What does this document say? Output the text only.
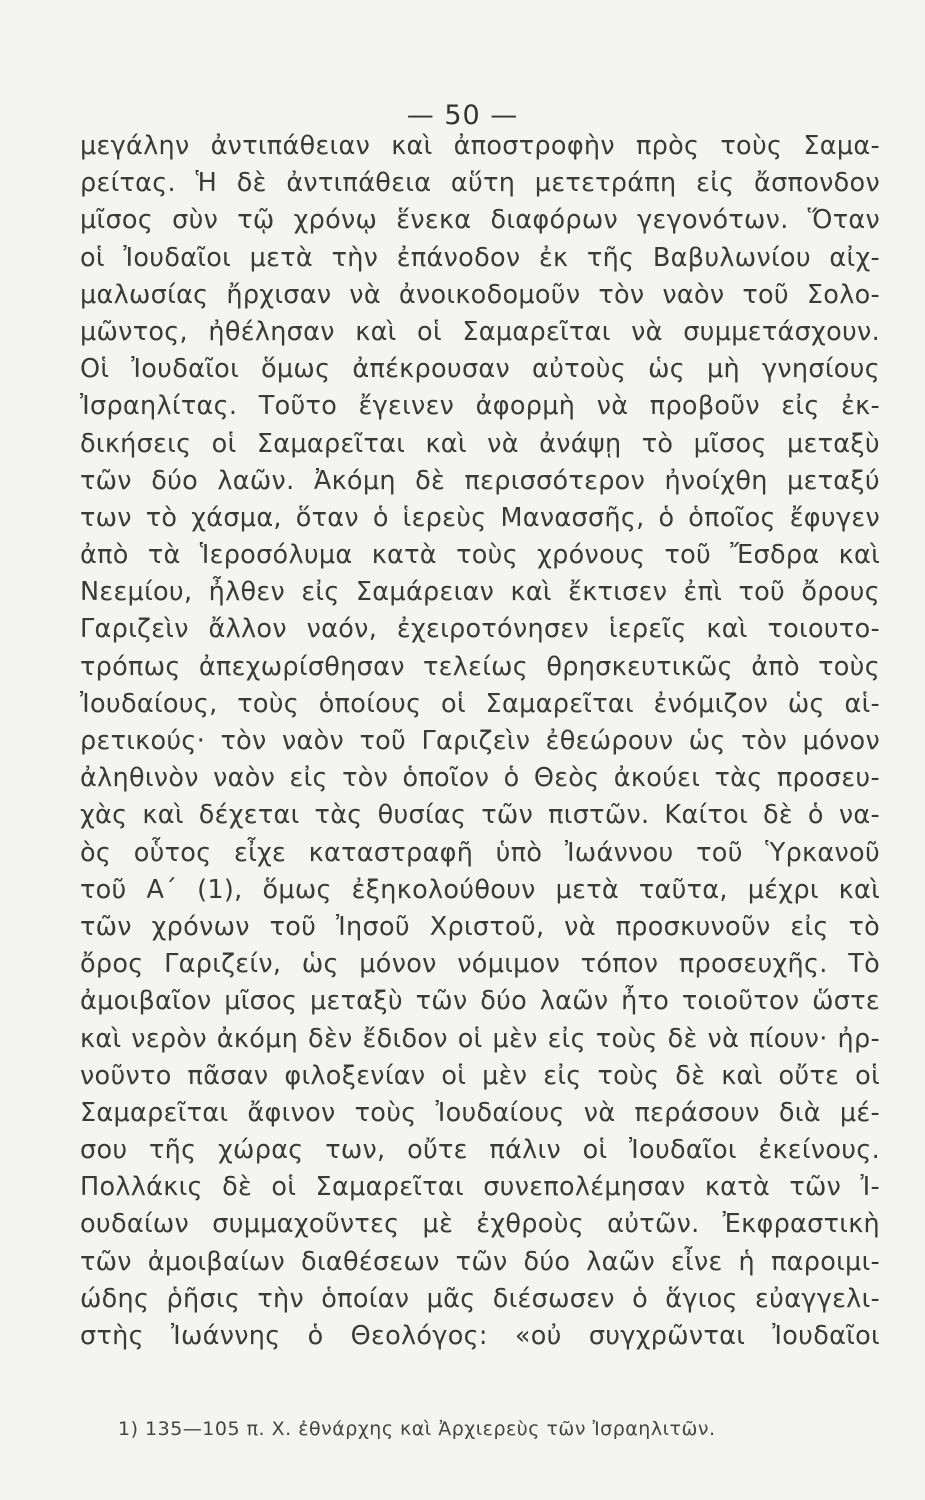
— 50 —
μεγάλην ἀντιπάθειαν καὶ ἀποστροφὴν πρὸς τοὺς Σαμα-
ρείτας. Ἡ δὲ ἀντιπάθεια αὕτη μετετράπη εἰς ἄσπονδον
μῖσος σὺν τῷ χρόνῳ ἕνεκα διαφόρων γεγονότων. Ὅταν
οἱ Ἰουδαῖοι μετὰ τὴν ἐπάνοδον ἐκ τῆς Βαβυλωνίου αἰχ-
μαλωσίας ἤρχισαν νὰ ἀνοικοδομοῦν τὸν ναὸν τοῦ Σολο-
μῶντος, ἠθέλησαν καὶ οἱ Σαμαρεῖται νὰ συμμετάσχουν.
Οἱ Ἰουδαῖοι ὅμως ἀπέκρουσαν αὐτοὺς ὡς μὴ γνησίους
Ἰσραηλίτας. Τοῦτο ἔγεινεν ἀφορμὴ νὰ προβοῦν εἰς ἐκ-
δικήσεις οἱ Σαμαρεῖται καὶ νὰ ἀνάψῃ τὸ μῖσος μεταξὺ
τῶν δύο λαῶν. Ἀκόμη δὲ περισσότερον ἠνοίχθη μεταξύ
των τὸ χάσμα, ὅταν ὁ ἱερεὺς Μανασσῆς, ὁ ὁποῖος ἔφυγεν
ἀπὸ τὰ Ἱεροσόλυμα κατὰ τοὺς χρόνους τοῦ Ἔσδρα καὶ
Νεεμίου, ἦλθεν εἰς Σαμάρειαν καὶ ἔκτισεν ἐπὶ τοῦ ὄρους
Γαριζεὶν ἄλλον ναόν, ἐχειροτόνησεν ἱερεῖς καὶ τοιουτο-
τρόπως ἀπεχωρίσθησαν τελείως θρησκευτικῶς ἀπὸ τοὺς
Ἰουδαίους, τοὺς ὁποίους οἱ Σαμαρεῖται ἐνόμιζον ὡς αἱ-
ρετικούς· τὸν ναὸν τοῦ Γαριζεὶν ἐθεώρουν ὡς τὸν μόνον
ἀληθινὸν ναὸν εἰς τὸν ὁποῖον ὁ Θεὸς ἀκούει τὰς προσευ-
χὰς καὶ δέχεται τὰς θυσίας τῶν πιστῶν. Καίτοι δὲ ὁ να-
ὸς οὗτος εἶχε καταστραφῆ ὑπὸ Ἰωάννου τοῦ Ὑρκανοῦ
τοῦ Α΄ (1), ὅμως ἐξηκολούθουν μετὰ ταῦτα, μέχρι καὶ
τῶν χρόνων τοῦ Ἰησοῦ Χριστοῦ, νὰ προσκυνοῦν εἰς τὸ
ὄρος Γαριζείν, ὡς μόνον νόμιμον τόπον προσευχῆς. Τὸ
ἀμοιβαῖον μῖσος μεταξὺ τῶν δύο λαῶν ἦτο τοιοῦτον ὥστε
καὶ νερὸν ἀκόμη δὲν ἔδιδον οἱ μὲν εἰς τοὺς δὲ νὰ πίουν· ἠρ-
νοῦντο πᾶσαν φιλοξενίαν οἱ μὲν εἰς τοὺς δὲ καὶ οὔτε οἱ
Σαμαρεῖται ἄφινον τοὺς Ἰουδαίους νὰ περάσουν διὰ μέ-
σου τῆς χώρας των, οὔτε πάλιν οἱ Ἰουδαῖοι ἐκείνους.
Πολλάκις δὲ οἱ Σαμαρεῖται συνεπολέμησαν κατὰ τῶν Ἰ-
ουδαίων συμμαχοῦντες μὲ ἐχθροὺς αὐτῶν. Ἐκφραστικὴ
τῶν ἀμοιβαίων διαθέσεων τῶν δύο λαῶν εἶνε ἡ παροιμι-
ώδης ῥῆσις τὴν ὁποίαν μᾶς διέσωσεν ὁ ἅγιος εὐαγγελι-
στὴς Ἰωάννης ὁ Θεολόγος: «οὐ συγχρῶνται Ἰουδαῖοι
1) 135—105 π. Χ. ἐθνάρχης καὶ Ἀρχιερεὺς τῶν Ἰσραηλιτῶν.
